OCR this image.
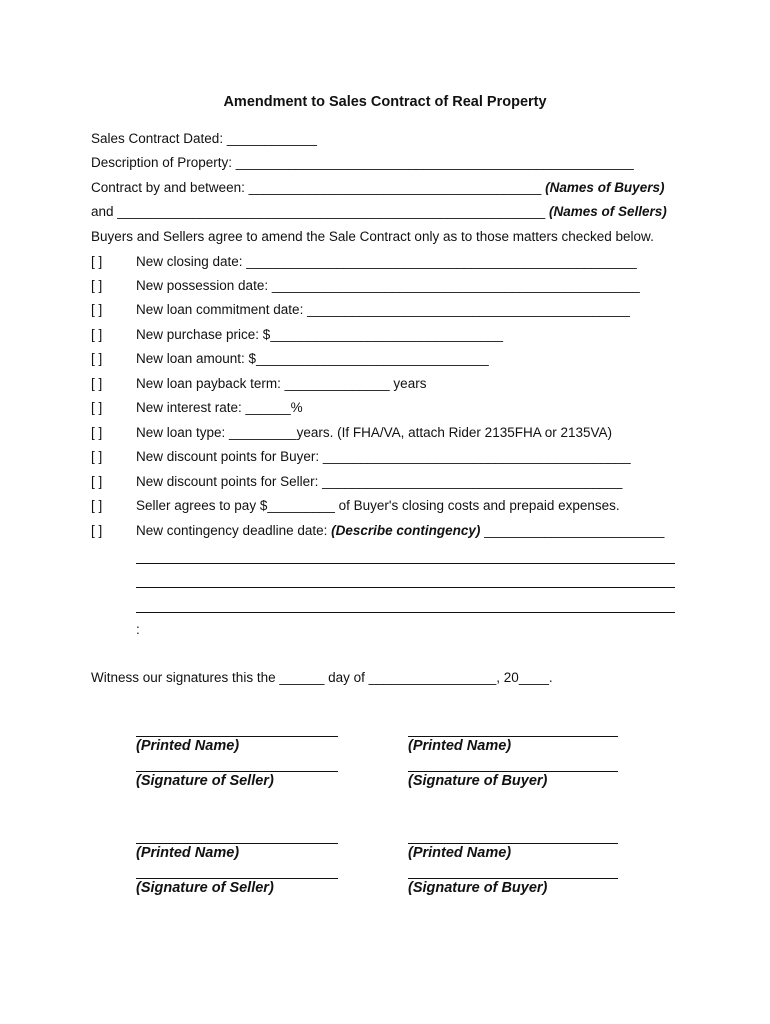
Amendment to Sales Contract of Real Property
Sales Contract Dated: ____________
Description of Property: _____________________________________________________
Contract by and between: _______________________________________ (Names of Buyers)
and _________________________________________________________ (Names of Sellers)
Buyers and Sellers agree to amend the Sale Contract only as to those matters checked below.
[ ] New closing date: ____________________________________________________
[ ] New possession date: _________________________________________________
[ ] New loan commitment date: ___________________________________________
[ ] New purchase price: $_______________________________
[ ] New loan amount: $_______________________________
[ ] New loan payback term: ______________ years
[ ] New interest rate: ______%
[ ] New loan type: _________years. (If FHA/VA, attach Rider 2135FHA or 2135VA)
[ ] New discount points for Buyer: _________________________________________
[ ] New discount points for Seller: ________________________________________
[ ] Seller agrees to pay $_________ of Buyer's closing costs and prepaid expenses.
[ ] New contingency deadline date: (Describe contingency) ________________________
:
Witness our signatures this the ______ day of _________________, 20____.
(Printed Name)	(Printed Name)
(Signature of Seller)	(Signature of Buyer)
(Printed Name)	(Printed Name)
(Signature of Seller)	(Signature of Buyer)
